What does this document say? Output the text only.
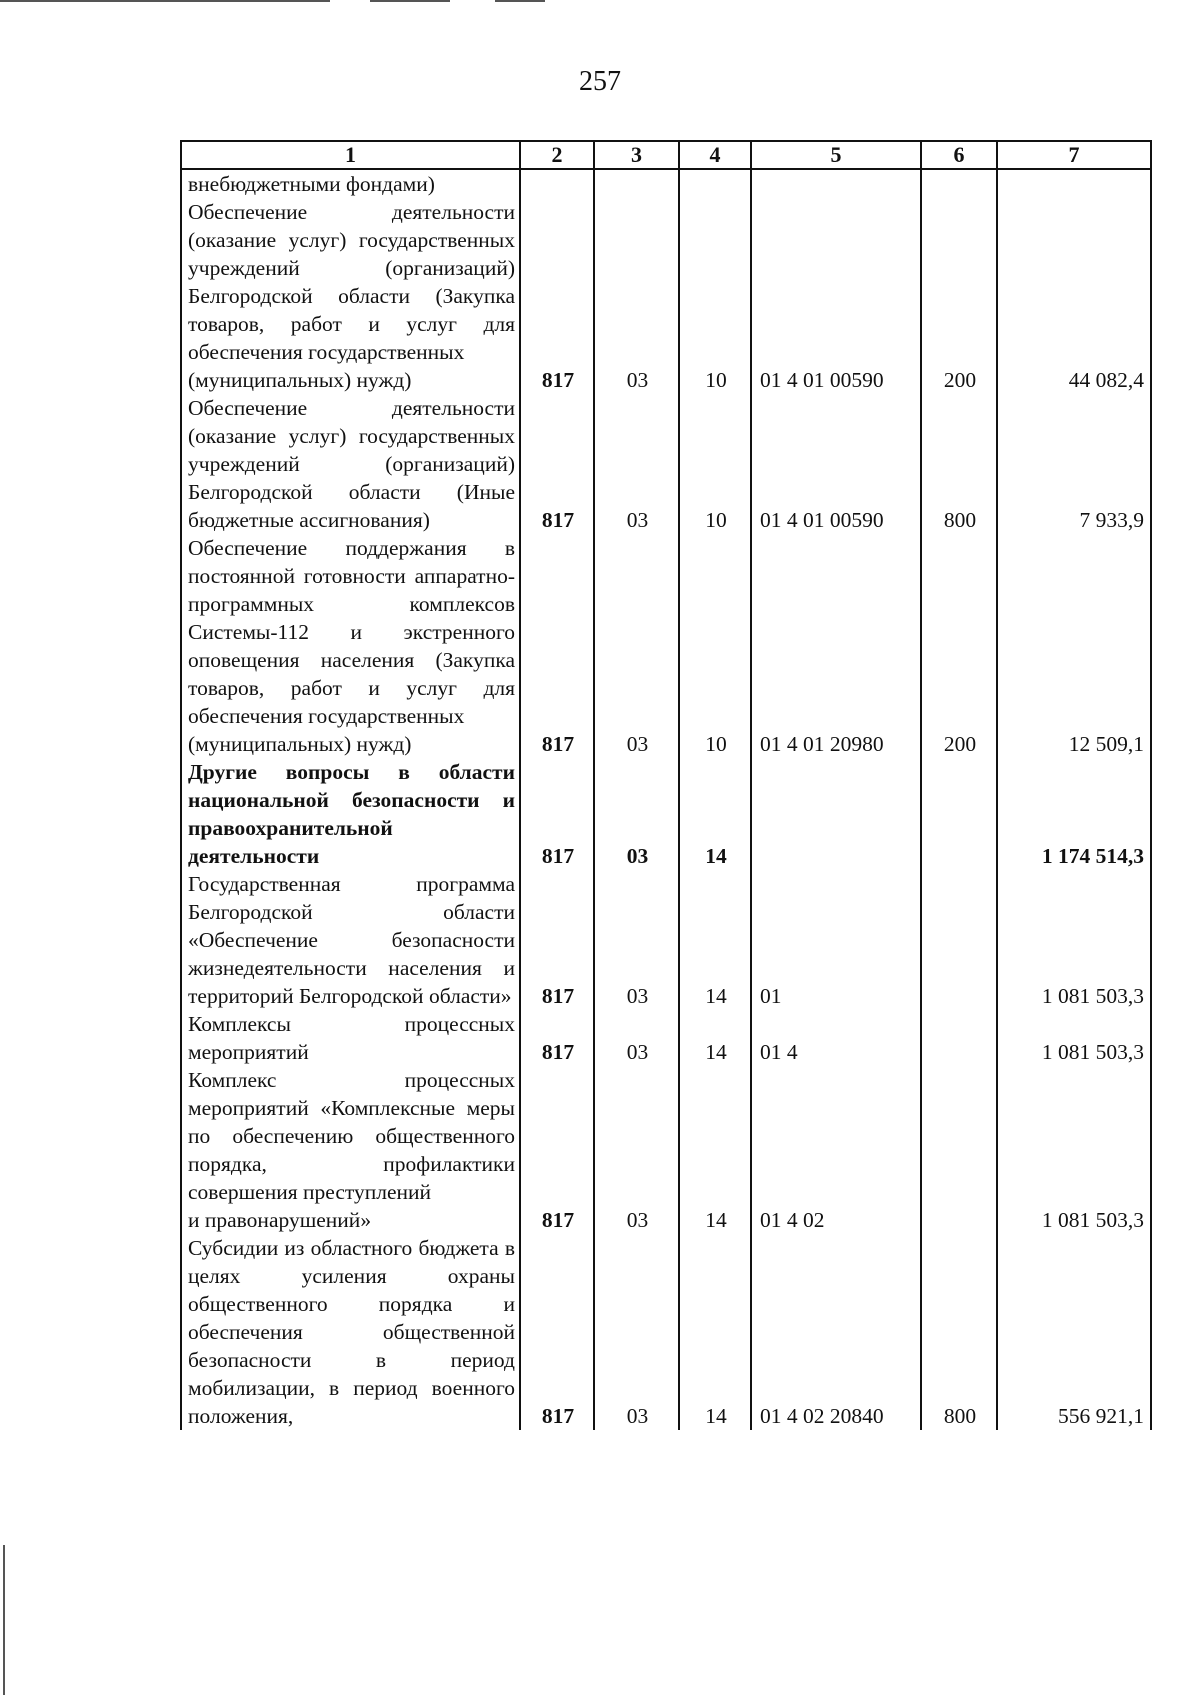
257
1	2	3	4	5	6	7
внебюджетными фондами)						
Обеспечение деятельности (оказание услуг) государственных учреждений (организаций) Белгородской области (Закупка товаров, работ и услуг для обеспечения государственных
(муниципальных) нужд)	817	03	10	01 4 01 00590	200	44 082,4
Обеспечение деятельности (оказание услуг) государственных учреждений (организаций) Белгородской области (Иные бюджетные ассигнования)	817	03	10	01 4 01 00590	800	7 933,9
Обеспечение поддержания в постоянной готовности аппаратно-программных комплексов Системы-112 и экстренного оповещения населения (Закупка товаров, работ и услуг для обеспечения государственных
(муниципальных) нужд)	817	03	10	01 4 01 20980	200	12 509,1
Другие вопросы в области национальной безопасности и правоохранительной деятельности	817	03	14			1 174 514,3
Государственная программа Белгородской области «Обеспечение безопасности жизнедеятельности населения и территорий Белгородской области»	817	03	14	01		1 081 503,3
Комплексы процессных мероприятий	817	03	14	01 4		1 081 503,3
Комплекс процессных мероприятий «Комплексные меры по обеспечению общественного порядка, профилактики совершения преступлений
и правонарушений»	817	03	14	01 4 02		1 081 503,3
Субсидии из областного бюджета в целях усиления охраны общественного порядка и обеспечения общественной безопасности в период мобилизации, в период военного положения,	817	03	14	01 4 02 20840	800	556 921,1
